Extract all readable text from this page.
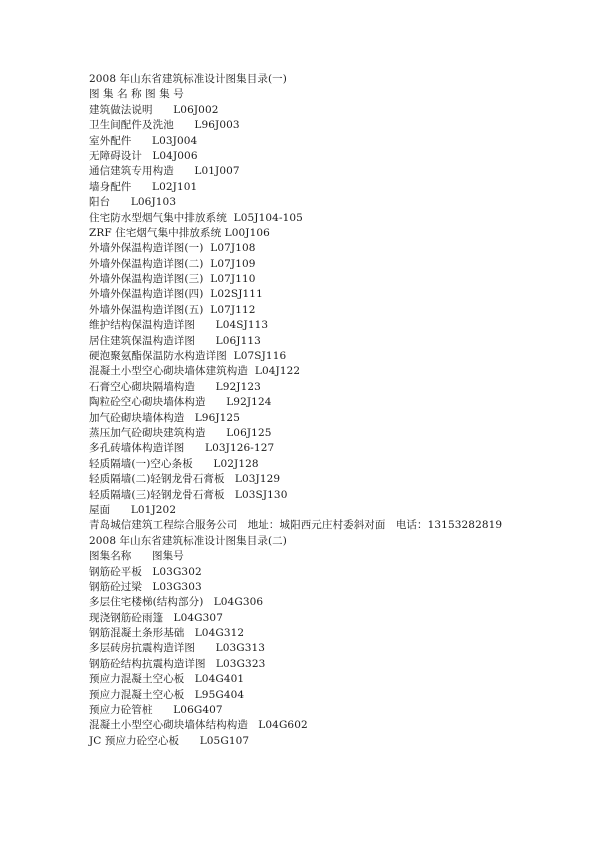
2008 年山东省建筑标准设计图集目录(一)
图 集 名 称 图 集 号
建筑做法说明      L06J002
卫生间配件及洗池      L96J003
室外配件      L03J004
无障碍设计   L04J006
通信建筑专用构造      L01J007
墙身配件      L02J101
阳台      L06J103
住宅防水型烟气集中排放系统  L05J104-105
ZRF 住宅烟气集中排放系统 L00J106
外墙外保温构造详图(一)  L07J108
外墙外保温构造详图(二)  L07J109
外墙外保温构造详图(三)  L07J110
外墙外保温构造详图(四)  L02SJ111
外墙外保温构造详图(五)  L07J112
维护结构保温构造详图      L04SJ113
居住建筑保温构造详图      L06J113
硬泡聚氨酯保温防水构造详图  L07SJ116
混凝土小型空心砌块墙体建筑构造  L04J122
石膏空心砌块隔墙构造      L92J123
陶粒砼空心砌块墙体构造      L92J124
加气砼砌块墙体构造   L96J125
蒸压加气砼砌块建筑构造      L06J125
多孔砖墙体构造详图      L03J126-127
轻质隔墙(一)空心条板      L02J128
轻质隔墙(二)轻钢龙骨石膏板   L03J129
轻质隔墙(三)轻钢龙骨石膏板   L03SJ130
屋面      L01J202
青岛城信建筑工程综合服务公司   地址：城阳西元庄村委斜对面   电话：13153282819
2008 年山东省建筑标准设计图集目录(二)
图集名称      图集号
钢筋砼平板   L03G302
钢筋砼过梁   L03G303
多层住宅楼梯(结构部分)   L04G306
现浇钢筋砼雨篷   L04G307
钢筋混凝土条形基础   L04G312
多层砖房抗震构造详图      L03G313
钢筋砼结构抗震构造详图   L03G323
预应力混凝土空心板   L04G401
预应力混凝土空心板   L95G404
预应力砼管桩      L06G407
混凝土小型空心砌块墙体结构构造   L04G602
JC 预应力砼空心板      L05G107
